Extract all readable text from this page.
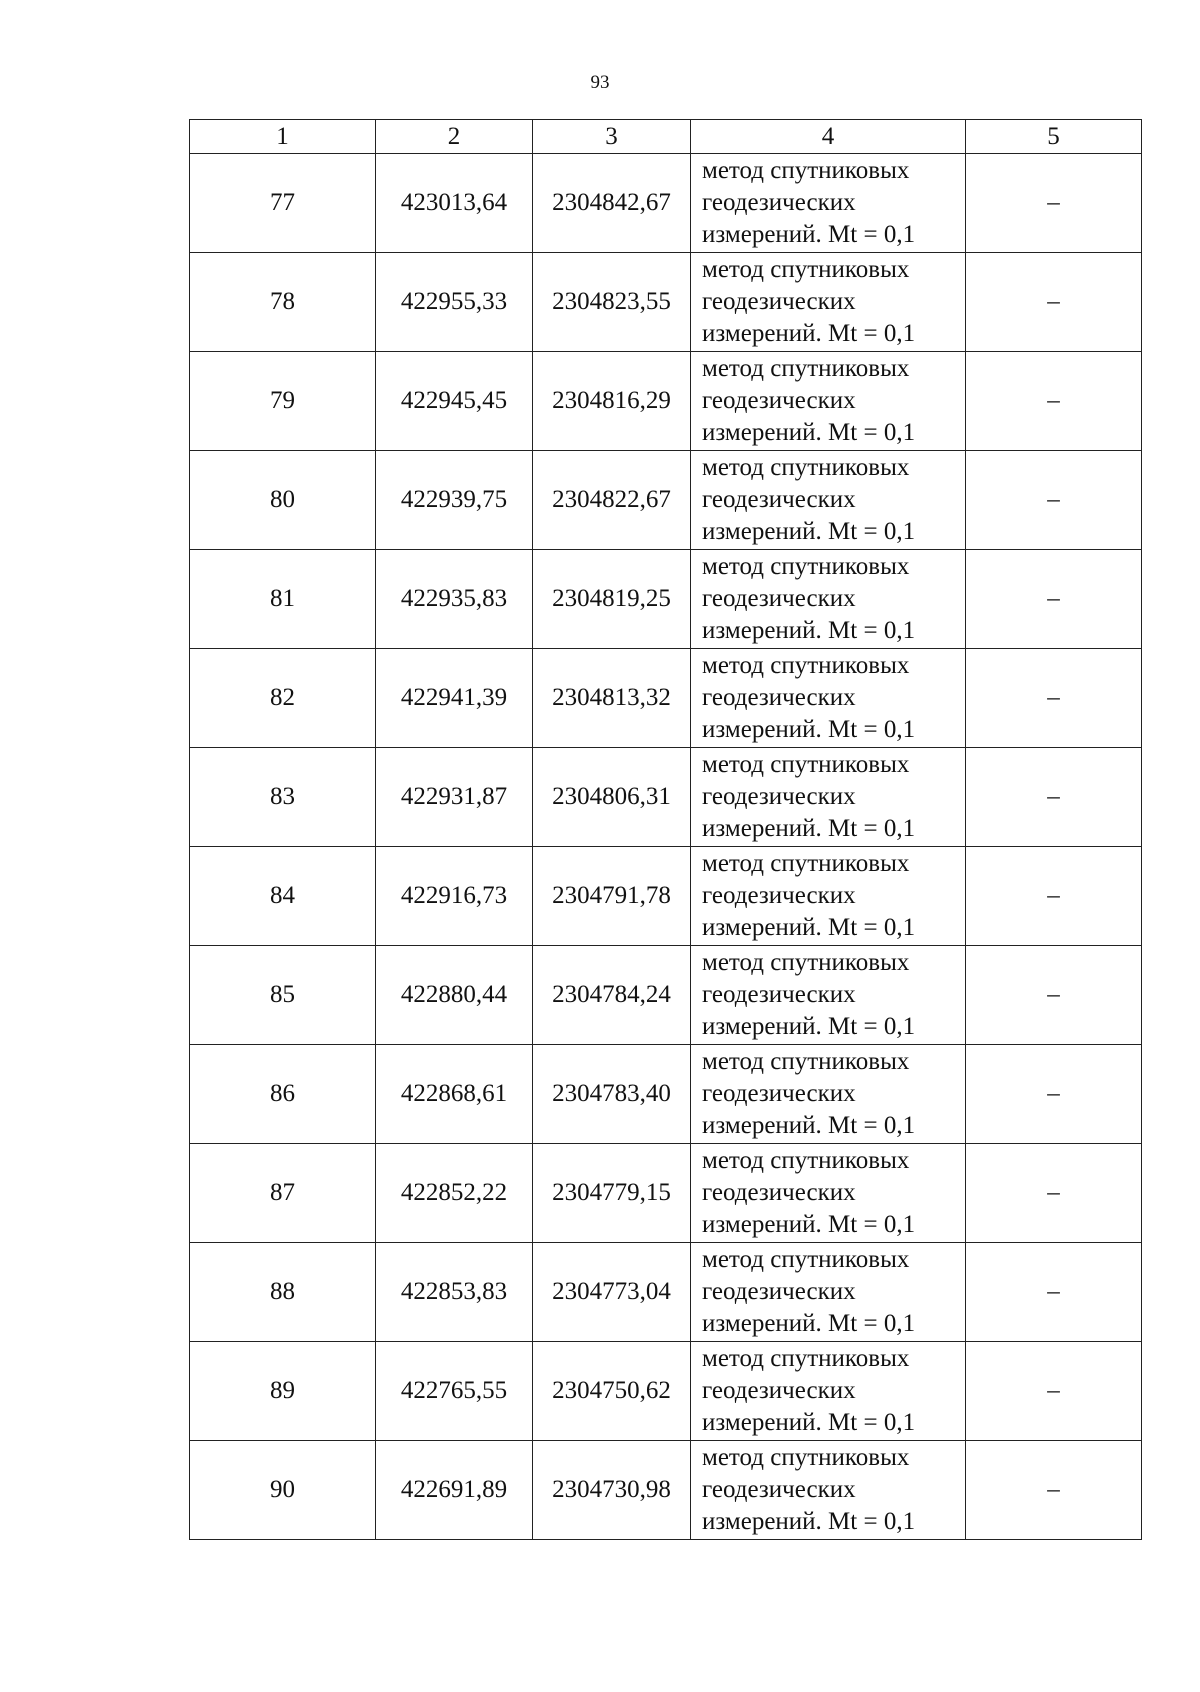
93
1	2	3	4	5
77	423013,64	2304842,67	метод спутниковых
геодезических
измерений. Mt = 0,1	–
78	422955,33	2304823,55	метод спутниковых
геодезических
измерений. Mt = 0,1	–
79	422945,45	2304816,29	метод спутниковых
геодезических
измерений. Mt = 0,1	–
80	422939,75	2304822,67	метод спутниковых
геодезических
измерений. Mt = 0,1	–
81	422935,83	2304819,25	метод спутниковых
геодезических
измерений. Mt = 0,1	–
82	422941,39	2304813,32	метод спутниковых
геодезических
измерений. Mt = 0,1	–
83	422931,87	2304806,31	метод спутниковых
геодезических
измерений. Mt = 0,1	–
84	422916,73	2304791,78	метод спутниковых
геодезических
измерений. Mt = 0,1	–
85	422880,44	2304784,24	метод спутниковых
геодезических
измерений. Mt = 0,1	–
86	422868,61	2304783,40	метод спутниковых
геодезических
измерений. Mt = 0,1	–
87	422852,22	2304779,15	метод спутниковых
геодезических
измерений. Mt = 0,1	–
88	422853,83	2304773,04	метод спутниковых
геодезических
измерений. Mt = 0,1	–
89	422765,55	2304750,62	метод спутниковых
геодезических
измерений. Mt = 0,1	–
90	422691,89	2304730,98	метод спутниковых
геодезических
измерений. Mt = 0,1	–
